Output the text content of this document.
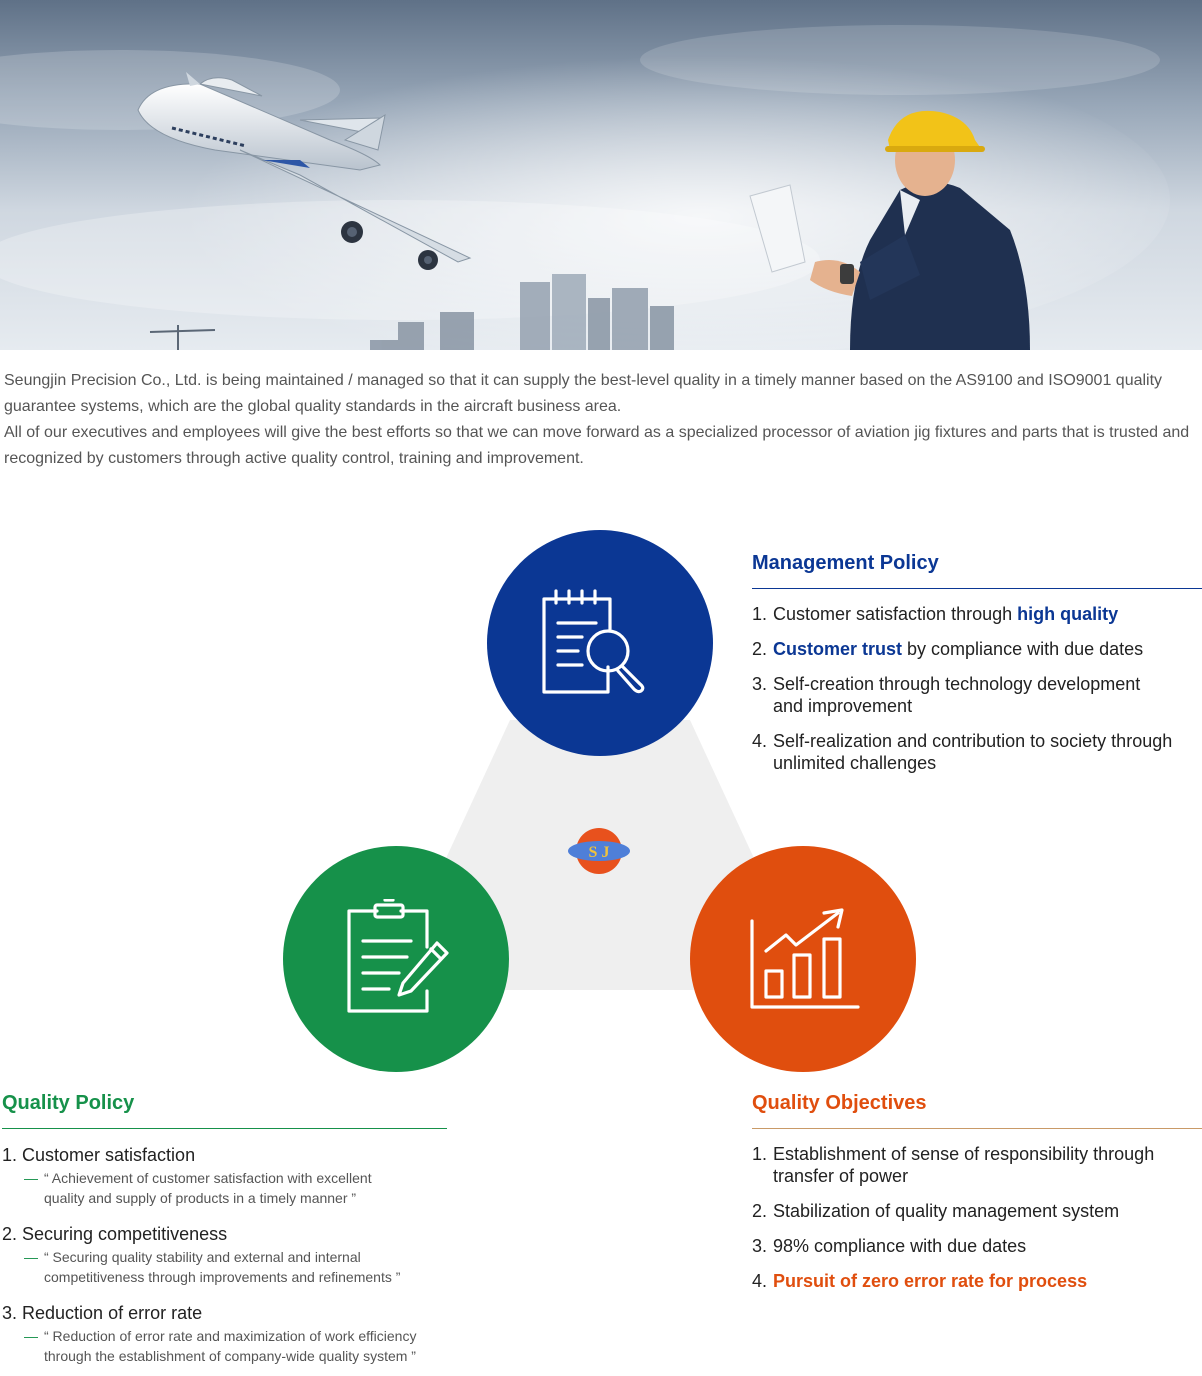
Seungjin Precision Co., Ltd. is being maintained / managed so that it can supply the best-level quality in a timely manner based on the AS9100 and ISO9001 quality guarantee systems, which are the global quality standards in the aircraft business area.

All of our executives and employees will give the best efforts so that we can move forward as a specialized processor of aviation jig fixtures and parts that is trusted and recognized by customers through active quality control, training and improvement.

S J
Management Policy
1. Customer satisfaction through high quality
2. Customer trust by compliance with due dates
3. Self-creation through technology development
and improvement
4. Self-realization and contribution to society through
unlimited challenges
Quality Policy
1. Customer satisfaction
— “ Achievement of customer satisfaction with excellent
quality and supply of products in a timely manner ”
2. Securing competitiveness
— “ Securing quality stability and external and internal
competitiveness through improvements and refinements ”
3. Reduction of error rate
— “ Reduction of error rate and maximization of work efficiency
through the establishment of company-wide quality system ”
Quality Objectives
1. Establishment of sense of responsibility through
transfer of power
2. Stabilization of quality management system
3. 98% compliance with due dates
4. Pursuit of zero error rate for process
